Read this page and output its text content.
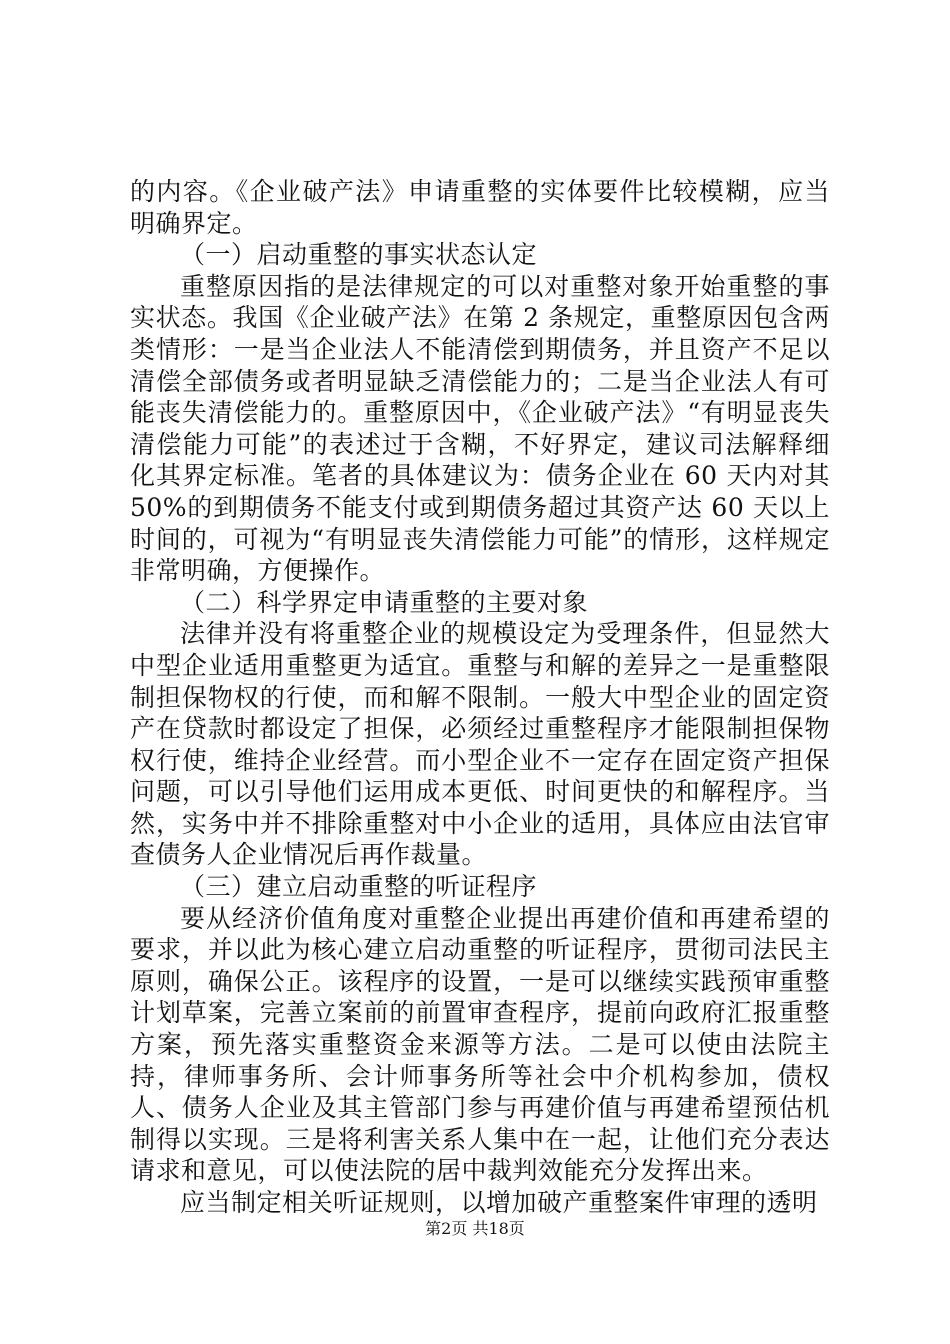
的内容。《企业破产法》申请重整的实体要件比较模糊，应当明确界定。

（一）启动重整的事实状态认定

重整原因指的是法律规定的可以对重整对象开始重整的事实状态。我国《企业破产法》在第 2 条规定，重整原因包含两类情形：一是当企业法人不能清偿到期债务，并且资产不足以清偿全部债务或者明显缺乏清偿能力的；二是当企业法人有可能丧失清偿能力的。重整原因中，《企业破产法》“有明显丧失清偿能力可能”的表述过于含糊，不好界定，建议司法解释细化其界定标准。笔者的具体建议为：债务企业在 60 天内对其 50%的到期债务不能支付或到期债务超过其资产达 60 天以上时间的，可视为“有明显丧失清偿能力可能”的情形，这样规定非常明确，方便操作。

（二）科学界定申请重整的主要对象

法律并没有将重整企业的规模设定为受理条件，但显然大中型企业适用重整更为适宜。重整与和解的差异之一是重整限制担保物权的行使，而和解不限制。一般大中型企业的固定资产在贷款时都设定了担保，必须经过重整程序才能限制担保物权行使，维持企业经营。而小型企业不一定存在固定资产担保问题，可以引导他们运用成本更低、时间更快的和解程序。当然，实务中并不排除重整对中小企业的适用，具体应由法官审查债务人企业情况后再作裁量。

（三）建立启动重整的听证程序

要从经济价值角度对重整企业提出再建价值和再建希望的要求，并以此为核心建立启动重整的听证程序，贯彻司法民主原则，确保公正。该程序的设置，一是可以继续实践预审重整计划草案，完善立案前的前置审查程序，提前向政府汇报重整方案，预先落实重整资金来源等方法。二是可以使由法院主持，律师事务所、会计师事务所等社会中介机构参加，债权人、债务人企业及其主管部门参与再建价值与再建希望预估机制得以实现。三是将利害关系人集中在一起，让他们充分表达请求和意见，可以使法院的居中裁判效能充分发挥出来。

应当制定相关听证规则，以增加破产重整案件审理的透明

第2页 共18页
